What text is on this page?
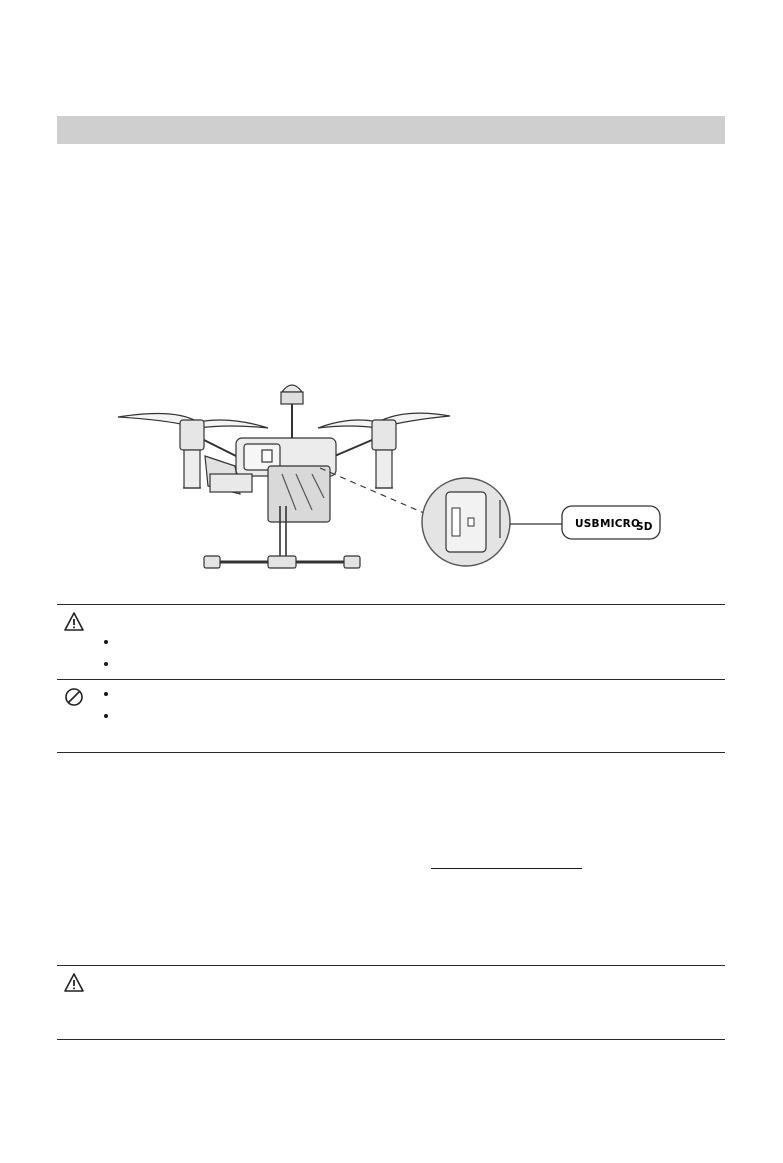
USB MICRO
SD
